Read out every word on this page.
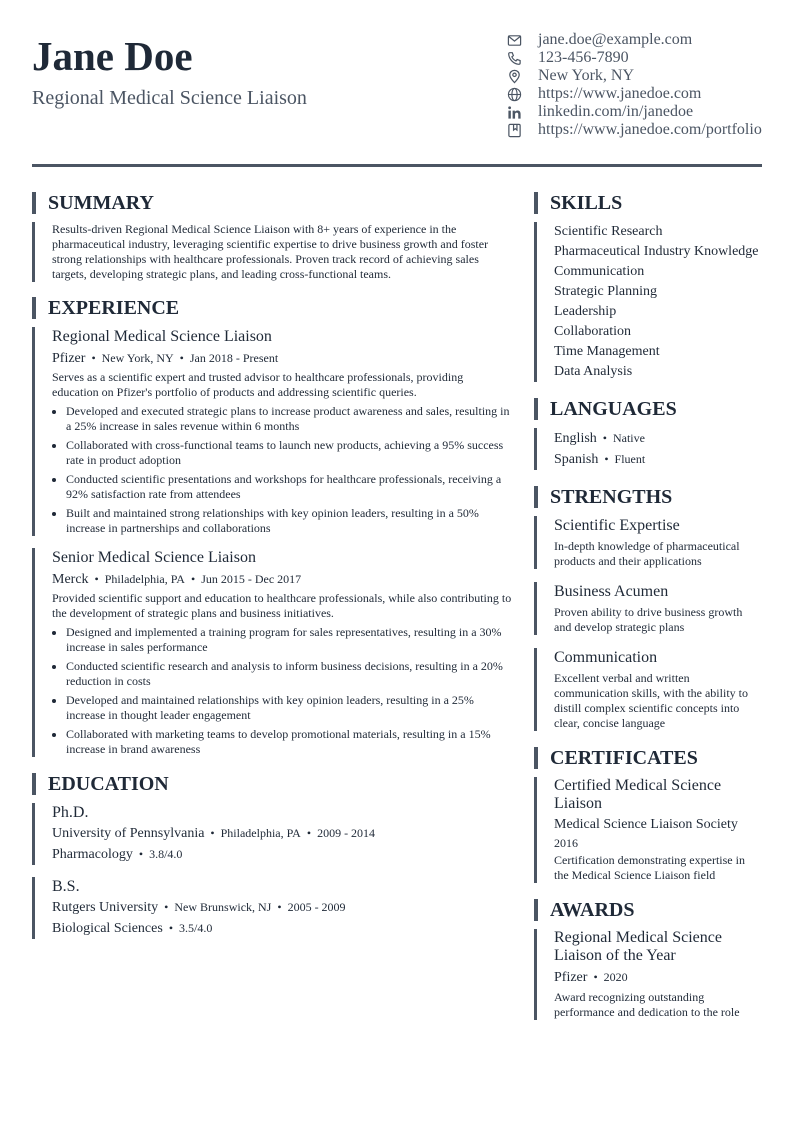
Jane Doe
Regional Medical Science Liaison
jane.doe@example.com
123-456-7890
New York, NY
https://www.janedoe.com
linkedin.com/in/janedoe
https://www.janedoe.com/portfolio
SUMMARY
Results-driven Regional Medical Science Liaison with 8+ years of experience in the pharmaceutical industry, leveraging scientific expertise to drive business growth and foster strong relationships with healthcare professionals. Proven track record of achieving sales targets, developing strategic plans, and leading cross-functional teams.
EXPERIENCE
Regional Medical Science Liaison
Pfizer • New York, NY • Jan 2018 - Present
Serves as a scientific expert and trusted advisor to healthcare professionals, providing education on Pfizer's portfolio of products and addressing scientific queries.
• Developed and executed strategic plans to increase product awareness and sales, resulting in a 25% increase in sales revenue within 6 months
• Collaborated with cross-functional teams to launch new products, achieving a 95% success rate in product adoption
• Conducted scientific presentations and workshops for healthcare professionals, receiving a 92% satisfaction rate from attendees
• Built and maintained strong relationships with key opinion leaders, resulting in a 50% increase in partnerships and collaborations
Senior Medical Science Liaison
Merck • Philadelphia, PA • Jun 2015 - Dec 2017
Provided scientific support and education to healthcare professionals, while also contributing to the development of strategic plans and business initiatives.
• Designed and implemented a training program for sales representatives, resulting in a 30% increase in sales performance
• Conducted scientific research and analysis to inform business decisions, resulting in a 20% reduction in costs
• Developed and maintained relationships with key opinion leaders, resulting in a 25% increase in thought leader engagement
• Collaborated with marketing teams to develop promotional materials, resulting in a 15% increase in brand awareness
EDUCATION
Ph.D.
University of Pennsylvania • Philadelphia, PA • 2009 - 2014
Pharmacology • 3.8/4.0
B.S.
Rutgers University • New Brunswick, NJ • 2005 - 2009
Biological Sciences • 3.5/4.0
SKILLS
Scientific Research
Pharmaceutical Industry Knowledge
Communication
Strategic Planning
Leadership
Collaboration
Time Management
Data Analysis
LANGUAGES
English • Native
Spanish • Fluent
STRENGTHS
Scientific Expertise
In-depth knowledge of pharmaceutical products and their applications
Business Acumen
Proven ability to drive business growth and develop strategic plans
Communication
Excellent verbal and written communication skills, with the ability to distill complex scientific concepts into clear, concise language
CERTIFICATES
Certified Medical Science Liaison
Medical Science Liaison Society
2016
Certification demonstrating expertise in the Medical Science Liaison field
AWARDS
Regional Medical Science Liaison of the Year
Pfizer • 2020
Award recognizing outstanding performance and dedication to the role
